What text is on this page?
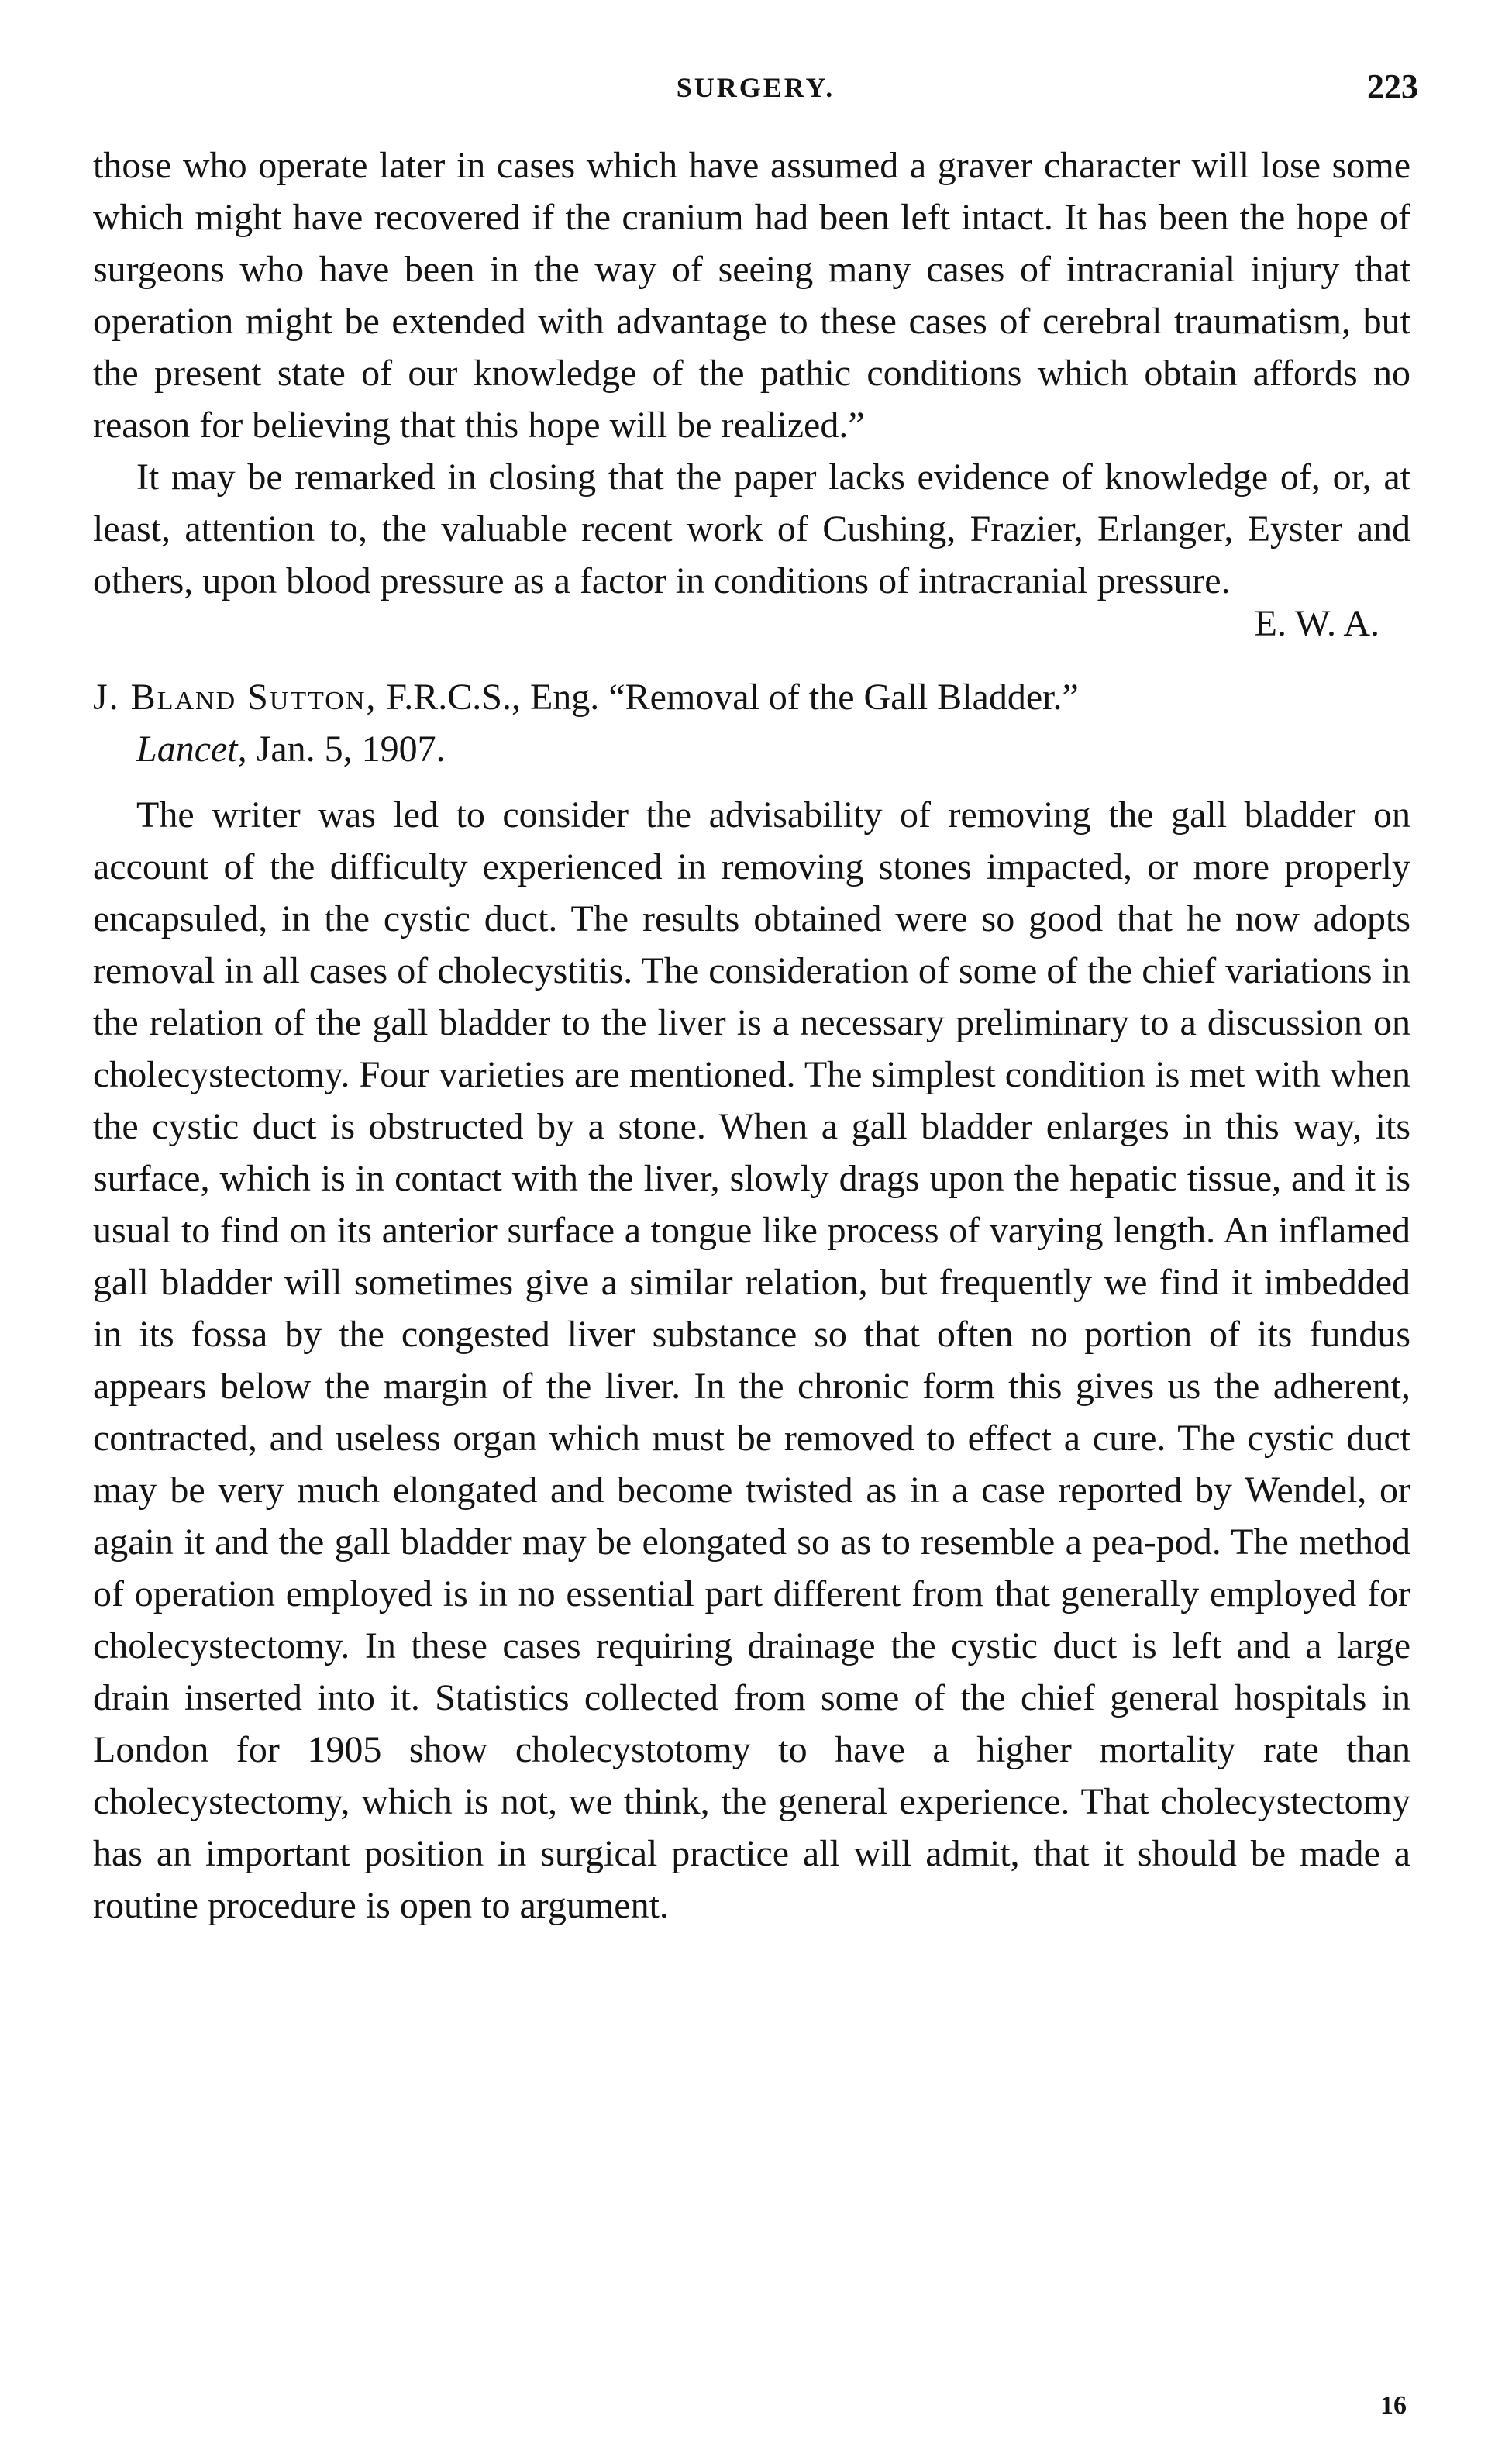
SURGERY.	223

those who operate later in cases which have assumed a graver character will lose some which might have recovered if the cranium had been left intact. It has been the hope of surgeons who have been in the way of seeing many cases of intracranial injury that operation might be extended with advantage to these cases of cerebral traumatism, but the present state of our knowledge of the pathic conditions which obtain affords no reason for believing that this hope will be realized.”

It may be remarked in closing that the paper lacks evidence of knowledge of, or, at least, attention to, the valuable recent work of Cushing, Frazier, Erlanger, Eyster and others, upon blood pressure as a factor in conditions of intracranial pressure.

E. W. A.
J. Bland Sutton, F.R.C.S., Eng. “Removal of the Gall Bladder.”
Lancet, Jan. 5, 1907.

The writer was led to consider the advisability of removing the gall bladder on account of the difficulty experienced in removing stones impacted, or more properly encapsuled, in the cystic duct. The results obtained were so good that he now adopts removal in all cases of cholecystitis. The consideration of some of the chief variations in the relation of the gall bladder to the liver is a necessary preliminary to a discussion on cholecystectomy. Four varieties are mentioned. The simplest condition is met with when the cystic duct is obstructed by a stone. When a gall bladder enlarges in this way, its surface, which is in contact with the liver, slowly drags upon the hepatic tissue, and it is usual to find on its anterior surface a tongue like process of varying length. An inflamed gall bladder will sometimes give a similar relation, but frequently we find it imbedded in its fossa by the congested liver substance so that often no portion of its fundus appears below the margin of the liver. In the chronic form this gives us the adherent, contracted, and useless organ which must be removed to effect a cure. The cystic duct may be very much elongated and become twisted as in a case reported by Wendel, or again it and the gall bladder may be elongated so as to resemble a pea-pod. The method of operation employed is in no essential part different from that generally employed for cholecystectomy. In these cases requiring drainage the cystic duct is left and a large drain inserted into it. Statistics collected from some of the chief general hospitals in London for 1905 show cholecystotomy to have a higher mortality rate than cholecystectomy, which is not, we think, the general experience. That cholecystectomy has an important position in surgical practice all will admit, that it should be made a routine procedure is open to argument.

16
